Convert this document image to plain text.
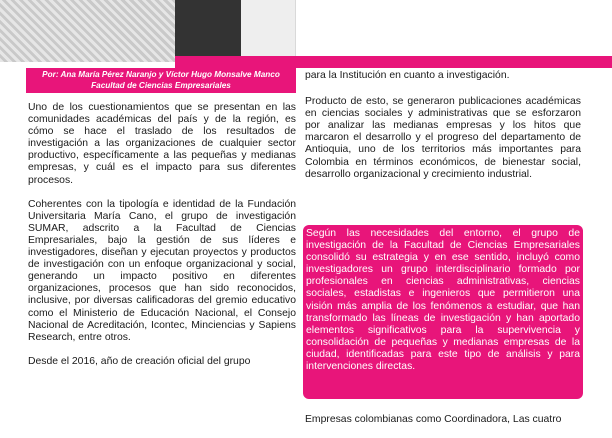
Por: Ana María Pérez Naranjo y Víctor Hugo Monsalve Manco
Facultad de Ciencias Empresariales

Uno de los cuestionamientos que se presentan en las comunidades académicas del país y de la región, es cómo se hace el traslado de los resultados de investigación a las organizaciones de cualquier sector productivo, específicamente a las pequeñas y medianas empresas, y cuál es el impacto para sus diferentes procesos.

Coherentes con la tipología e identidad de la Fundación Universitaria María Cano, el grupo de investigación SUMAR, adscrito a la Facultad de Ciencias Empresariales, bajo la gestión de sus líderes e investigadores, diseñan y ejecutan proyectos y productos de investigación con un enfoque organizacional y social, generando un impacto positivo en diferentes organizaciones, procesos que han sido reconocidos, inclusive, por diversas calificadoras del gremio educativo como el Ministerio de Educación Nacional, el Consejo Nacional de Acreditación, Icontec, Minciencias y Sapiens Research, entre otros.

Desde el 2016, año de creación oficial del grupo

para la Institución en cuanto a investigación.

Producto de esto, se generaron publicaciones académicas en ciencias sociales y administrativas que se esforzaron por analizar las medianas empresas y los hitos que marcaron el desarrollo y el progreso del departamento de Antioquia, uno de los territorios más importantes para Colombia en términos económicos, de bienestar social, desarrollo organizacional y crecimiento industrial.

Según las necesidades del entorno, el grupo de investigación de la Facultad de Ciencias Empresariales consolidó su estrategia y en ese sentido, incluyó como investigadores un grupo interdisciplinario formado por profesionales en ciencias administrativas, ciencias sociales, estadistas e ingenieros que permitieron una visión más amplia de los fenómenos a estudiar, que han transformado las líneas de investigación y han aportado elementos significativos para la supervivencia y consolidación de pequeñas y medianas empresas de la ciudad, identificadas para este tipo de análisis y para intervenciones directas.

Empresas colombianas como Coordinadora, Las cuatro
